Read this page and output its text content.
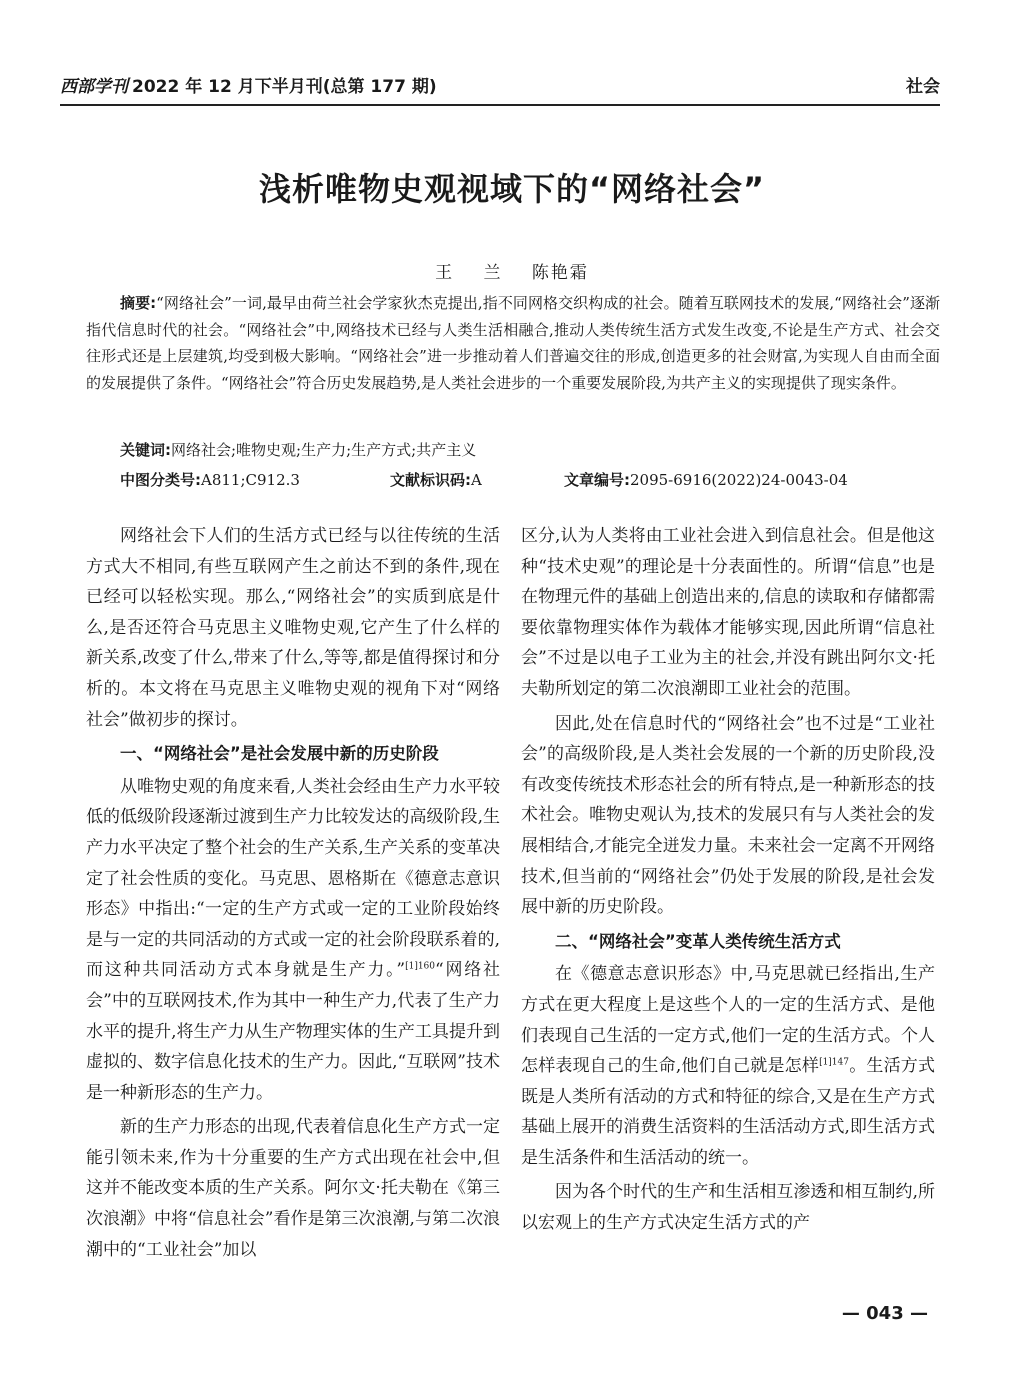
西部学刊 2022 年 12 月下半月刊(总第 177 期)	社会
浅析唯物史观视域下的“网络社会”
王 兰 陈艳霜
摘要:“网络社会”一词,最早由荷兰社会学家狄杰克提出,指不同网格交织构成的社会。随着互联网技术的发展,“网络社会”逐渐指代信息时代的社会。“网络社会”中,网络技术已经与人类生活相融合,推动人类传统生活方式发生改变,不论是生产方式、社会交往形式还是上层建筑,均受到极大影响。“网络社会”进一步推动着人们普遍交往的形成,创造更多的社会财富,为实现人自由而全面的发展提供了条件。“网络社会”符合历史发展趋势,是人类社会进步的一个重要发展阶段,为共产主义的实现提供了现实条件。
关键词:网络社会;唯物史观;生产力;生产方式;共产主义
中图分类号:A811;C912.3	文献标识码:A	文章编号:2095-6916(2022)24-0043-04

网络社会下人们的生活方式已经与以往传统的生活方式大不相同,有些互联网产生之前达不到的条件,现在已经可以轻松实现。那么,“网络社会”的实质到底是什么,是否还符合马克思主义唯物史观,它产生了什么样的新关系,改变了什么,带来了什么,等等,都是值得探讨和分析的。本文将在马克思主义唯物史观的视角下对“网络社会”做初步的探讨。

一、“网络社会”是社会发展中新的历史阶段

从唯物史观的角度来看,人类社会经由生产力水平较低的低级阶段逐渐过渡到生产力比较发达的高级阶段,生产力水平决定了整个社会的生产关系,生产关系的变革决定了社会性质的变化。马克思、恩格斯在《德意志意识形态》中指出:“一定的生产方式或一定的工业阶段始终是与一定的共同活动的方式或一定的社会阶段联系着的,而这种共同活动方式本身就是生产力。”$^{[1]160}$“网络社会”中的互联网技术,作为其中一种生产力,代表了生产力水平的提升,将生产力从生产物理实体的生产工具提升到虚拟的、数字信息化技术的生产力。因此,“互联网”技术是一种新形态的生产力。

新的生产力形态的出现,代表着信息化生产方式一定能引领未来,作为十分重要的生产方式出现在社会中,但这并不能改变本质的生产关系。阿尔文·托夫勒在《第三次浪潮》中将“信息社会”看作是第三次浪潮,与第二次浪潮中的“工业社会”加以

区分,认为人类将由工业社会进入到信息社会。但是他这种“技术史观”的理论是十分表面性的。所谓“信息”也是在物理元件的基础上创造出来的,信息的读取和存储都需要依靠物理实体作为载体才能够实现,因此所谓“信息社会”不过是以电子工业为主的社会,并没有跳出阿尔文·托夫勒所划定的第二次浪潮即工业社会的范围。

因此,处在信息时代的“网络社会”也不过是“工业社会”的高级阶段,是人类社会发展的一个新的历史阶段,没有改变传统技术形态社会的所有特点,是一种新形态的技术社会。唯物史观认为,技术的发展只有与人类社会的发展相结合,才能完全迸发力量。未来社会一定离不开网络技术,但当前的“网络社会”仍处于发展的阶段,是社会发展中新的历史阶段。

二、“网络社会”变革人类传统生活方式

在《德意志意识形态》中,马克思就已经指出,生产方式在更大程度上是这些个人的一定的生活方式、是他们表现自己生活的一定方式,他们一定的生活方式。个人怎样表现自己的生命,他们自己就是怎样$^{[1]147}$。生活方式既是人类所有活动的方式和特征的综合,又是在生产方式基础上展开的消费生活资料的生活活动方式,即生活方式是生活条件和生活活动的统一。

因为各个时代的生产和生活相互渗透和相互制约,所以宏观上的生产方式决定生活方式的产

— 043 —
